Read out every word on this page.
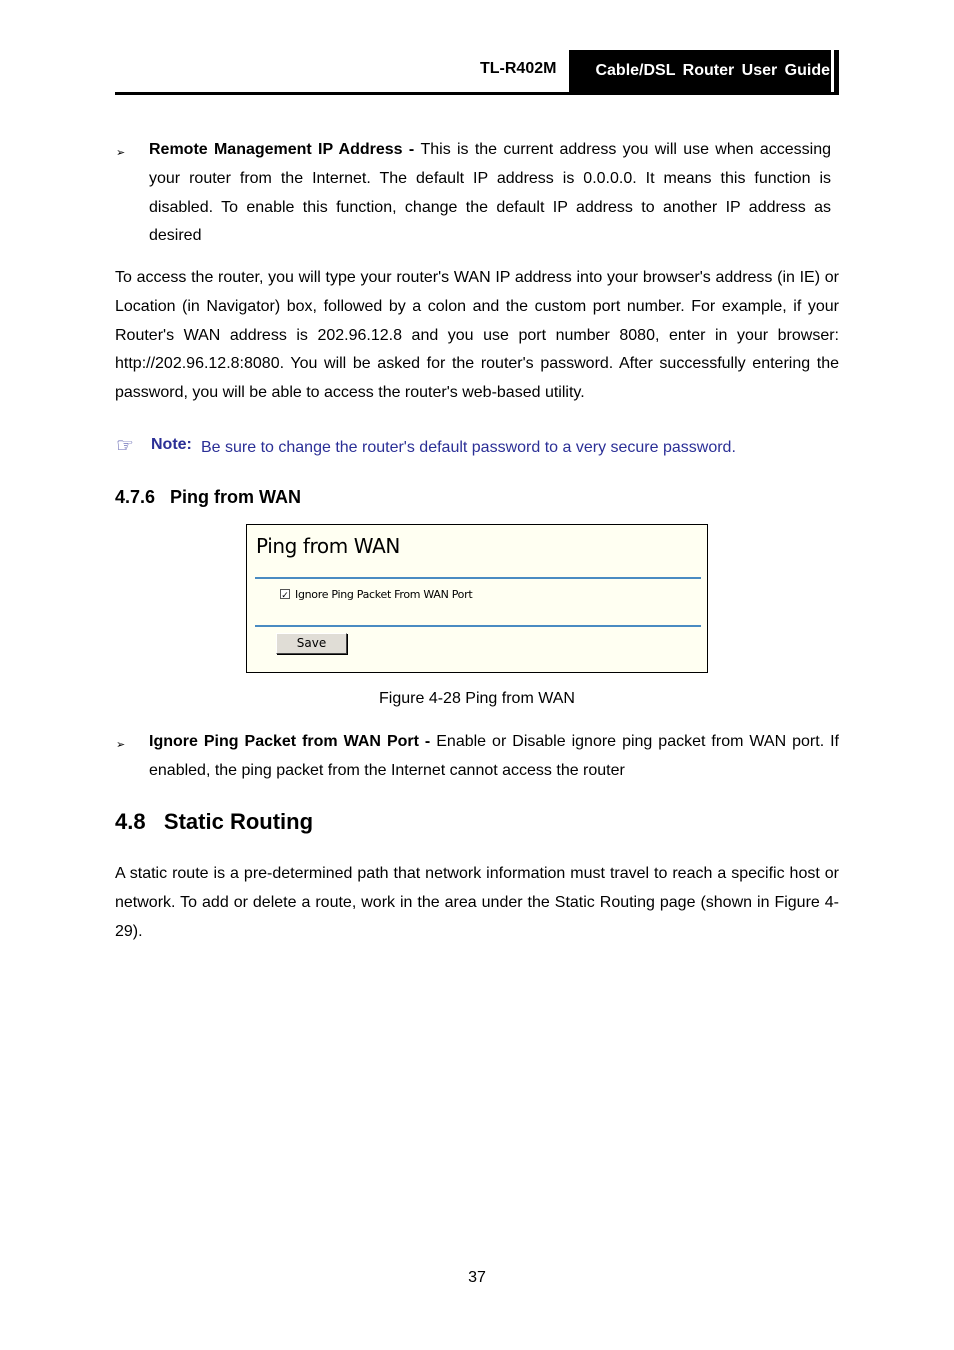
TL-R402M	Cable/DSL Router User Guide
➢ Remote Management IP Address - This is the current address you will use when accessing your router from the Internet. The default IP address is 0.0.0.0. It means this function is disabled. To enable this function, change the default IP address to another IP address as desired
To access the router, you will type your router's WAN IP address into your browser's address (in IE) or Location (in Navigator) box, followed by a colon and the custom port number. For example, if your Router's WAN address is 202.96.12.8 and you use port number 8080, enter in your browser: http://202.96.12.8:8080. You will be asked for the router's password. After successfully entering the password, you will be able to access the router's web-based utility.
☞ Note: Be sure to change the router's default password to a very secure password.
4.7.6   Ping from WAN
Ping from WAN
✓ Ignore Ping Packet From WAN Port
Save
Figure 4-28 Ping from WAN
➢ Ignore Ping Packet from WAN Port - Enable or Disable ignore ping packet from WAN port. If enabled, the ping packet from the Internet cannot access the router
4.8   Static Routing
A static route is a pre-determined path that network information must travel to reach a specific host or network. To add or delete a route, work in the area under the Static Routing page (shown in Figure 4-29).
37
